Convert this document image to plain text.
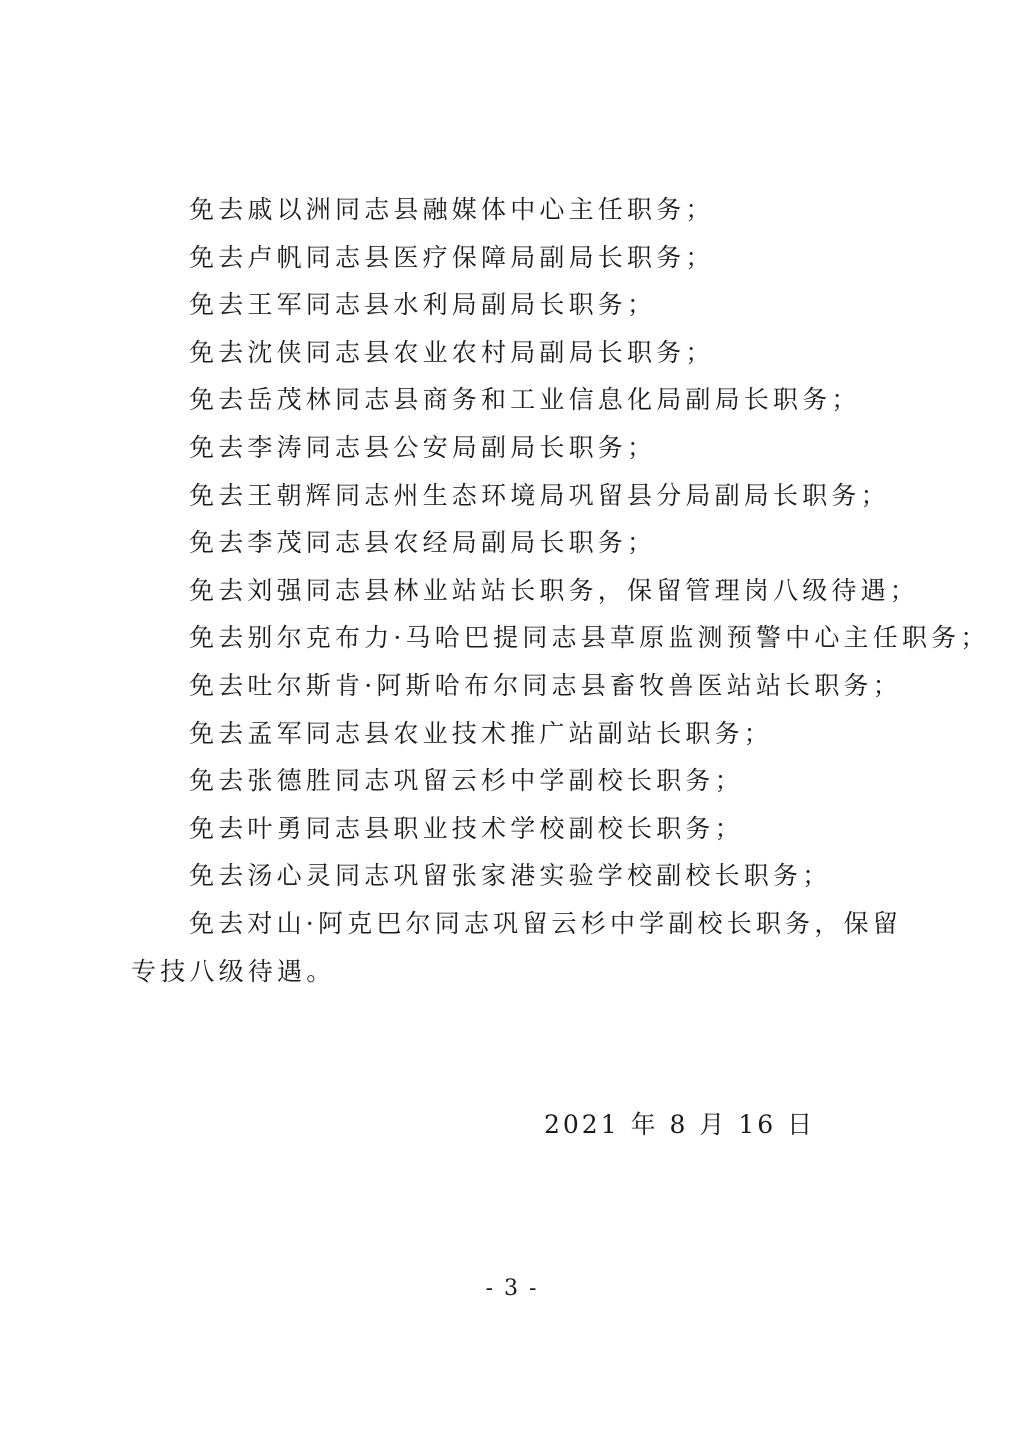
免去戚以洲同志县融媒体中心主任职务；

免去卢帆同志县医疗保障局副局长职务；

免去王军同志县水利局副局长职务；

免去沈侠同志县农业农村局副局长职务；

免去岳茂林同志县商务和工业信息化局副局长职务；

免去李涛同志县公安局副局长职务；

免去王朝辉同志州生态环境局巩留县分局副局长职务；

免去李茂同志县农经局副局长职务；

免去刘强同志县林业站站长职务，保留管理岗八级待遇；

免去别尔克布力·马哈巴提同志县草原监测预警中心主任职务；

免去吐尔斯肯·阿斯哈布尔同志县畜牧兽医站站长职务；

免去孟军同志县农业技术推广站副站长职务；

免去张德胜同志巩留云杉中学副校长职务；

免去叶勇同志县职业技术学校副校长职务；

免去汤心灵同志巩留张家港实验学校副校长职务；

免去对山·阿克巴尔同志巩留云杉中学副校长职务，保留专技八级待遇。

2021 年 8 月 16 日

- 3 -
